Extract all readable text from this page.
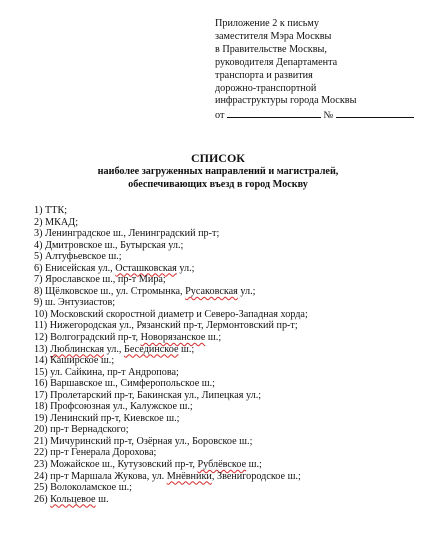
Приложение 2 к письму
заместителя Мэра Москвы
в Правительстве Москвы,
руководителя Департамента
транспорта и развития
дорожно-транспортной
инфраструктуры города Москвы
от	№
СПИСОК
наиболее загруженных направлений и магистралей,
обеспечивающих въезд в город Москву
1) ТТК;
2) МКАД;
3) Ленинградское ш., Ленинградский пр-т;
4) Дмитровское ш., Бутырская ул.;
5) Алтуфьевское ш.;
6) Енисейская ул., Осташковская ул.;
7) Ярославское ш., пр-т Мира;
8) Щёлковское ш., ул. Стромынка, Русаковская ул.;
9) ш. Энтузиастов;
10) Московский скоростной диаметр и Северо-Западная хорда;
11) Нижегородская ул., Рязанский пр-т, Лермонтовский пр-т;
12) Волгоградский пр-т, Новорязанское ш.;
13) Люблинская ул., Бесединское ш.;
14) Каширское ш.;
15) ул. Сайкина, пр-т Андропова;
16) Варшавское ш., Симферопольское ш.;
17) Пролетарский пр-т, Бакинская ул., Липецкая ул.;
18) Профсоюзная ул., Калужское ш.;
19) Ленинский пр-т, Киевское ш.;
20) пр-т Вернадского;
21) Мичуринский пр-т, Озёрная ул., Боровское ш.;
22) пр-т Генерала Дорохова;
23) Можайское ш., Кутузовский пр-т, Рублёвское ш.;
24) пр-т Маршала Жукова, ул. Мнёвники, Звенигородское ш.;
25) Волоколамское ш.;
26) Кольцевое ш.
